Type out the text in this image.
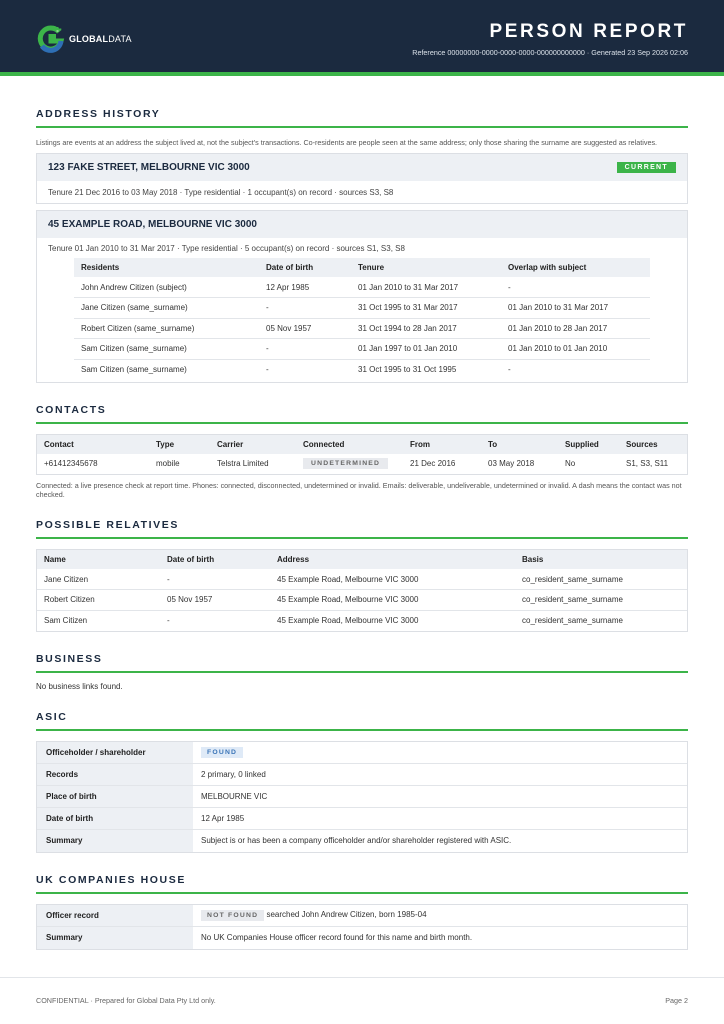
GLOBALDATA	PERSON REPORT
Reference 00000000-0000-0000-0000-000000000000 · Generated 23 Sep 2026 02:06
ADDRESS HISTORY
Listings are events at an address the subject lived at, not the subject's transactions. Co-residents are people seen at the same address; only those sharing the surname are suggested as relatives.
123 FAKE STREET, MELBOURNE VIC 3000	CURRENT
Tenure 21 Dec 2016 to 03 May 2018 · Type residential · 1 occupant(s) on record · sources S3, S8
45 EXAMPLE ROAD, MELBOURNE VIC 3000
Tenure 01 Jan 2010 to 31 Mar 2017 · Type residential · 5 occupant(s) on record · sources S1, S3, S8
Residents	Date of birth	Tenure	Overlap with subject
John Andrew Citizen (subject)	12 Apr 1985	01 Jan 2010 to 31 Mar 2017	-
Jane Citizen (same_surname)	-	31 Oct 1995 to 31 Mar 2017	01 Jan 2010 to 31 Mar 2017
Robert Citizen (same_surname)	05 Nov 1957	31 Oct 1994 to 28 Jan 2017	01 Jan 2010 to 28 Jan 2017
Sam Citizen (same_surname)	-	01 Jan 1997 to 01 Jan 2010	01 Jan 2010 to 01 Jan 2010
Sam Citizen (same_surname)	-	31 Oct 1995 to 31 Oct 1995	-
CONTACTS
Contact	Type	Carrier	Connected	From	To	Supplied	Sources
+61412345678	mobile	Telstra Limited	UNDETERMINED	21 Dec 2016	03 May 2018	No	S1, S3, S11
Connected: a live presence check at report time. Phones: connected, disconnected, undetermined or invalid. Emails: deliverable, undeliverable, undetermined or invalid. A dash means the contact was not checked.
POSSIBLE RELATIVES
Name	Date of birth	Address	Basis
Jane Citizen	-	45 Example Road, Melbourne VIC 3000	co_resident_same_surname
Robert Citizen	05 Nov 1957	45 Example Road, Melbourne VIC 3000	co_resident_same_surname
Sam Citizen	-	45 Example Road, Melbourne VIC 3000	co_resident_same_surname
BUSINESS
No business links found.
ASIC
Officeholder / shareholder	FOUND
Records	2 primary, 0 linked
Place of birth	MELBOURNE VIC
Date of birth	12 Apr 1985
Summary	Subject is or has been a company officeholder and/or shareholder registered with ASIC.
UK COMPANIES HOUSE
Officer record	NOT FOUND searched John Andrew Citizen, born 1985-04
Summary	No UK Companies House officer record found for this name and birth month.
CONFIDENTIAL · Prepared for Global Data Pty Ltd only.	Page 2
